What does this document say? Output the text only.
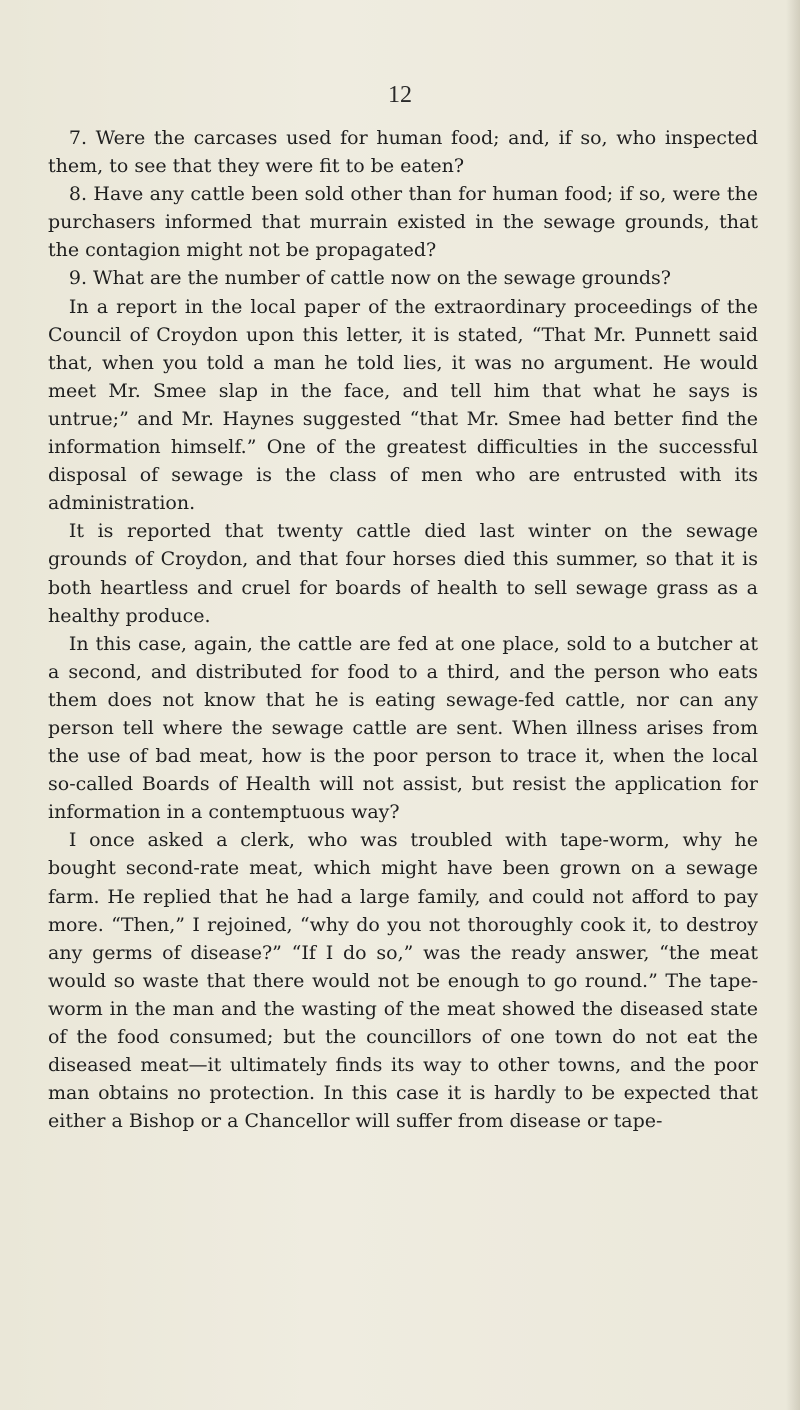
12

7. Were the carcases used for human food; and, if so, who inspected them, to see that they were fit to be eaten?

8. Have any cattle been sold other than for human food; if so, were the purchasers informed that murrain existed in the sewage grounds, that the contagion might not be propagated?

9. What are the number of cattle now on the sewage grounds?

In a report in the local paper of the extraordinary proceedings of the Council of Croydon upon this letter, it is stated, “That Mr. Punnett said that, when you told a man he told lies, it was no argument. He would meet Mr. Smee slap in the face, and tell him that what he says is untrue;” and Mr. Haynes suggested “that Mr. Smee had better find the information himself.” One of the greatest difficulties in the successful disposal of sewage is the class of men who are entrusted with its administration.

It is reported that twenty cattle died last winter on the sewage grounds of Croydon, and that four horses died this summer, so that it is both heartless and cruel for boards of health to sell sewage grass as a healthy produce.

In this case, again, the cattle are fed at one place, sold to a butcher at a second, and distributed for food to a third, and the person who eats them does not know that he is eating sewage-fed cattle, nor can any person tell where the sewage cattle are sent. When illness arises from the use of bad meat, how is the poor person to trace it, when the local so-called Boards of Health will not assist, but resist the application for information in a contemptuous way?

I once asked a clerk, who was troubled with tape-worm, why he bought second-rate meat, which might have been grown on a sewage farm. He replied that he had a large family, and could not afford to pay more. “Then,” I rejoined, “why do you not thoroughly cook it, to destroy any germs of disease?” “If I do so,” was the ready answer, “the meat would so waste that there would not be enough to go round.” The tape-worm in the man and the wasting of the meat showed the diseased state of the food consumed; but the councillors of one town do not eat the diseased meat—it ultimately finds its way to other towns, and the poor man obtains no protection. In this case it is hardly to be expected that either a Bishop or a Chancellor will suffer from disease or tape-
